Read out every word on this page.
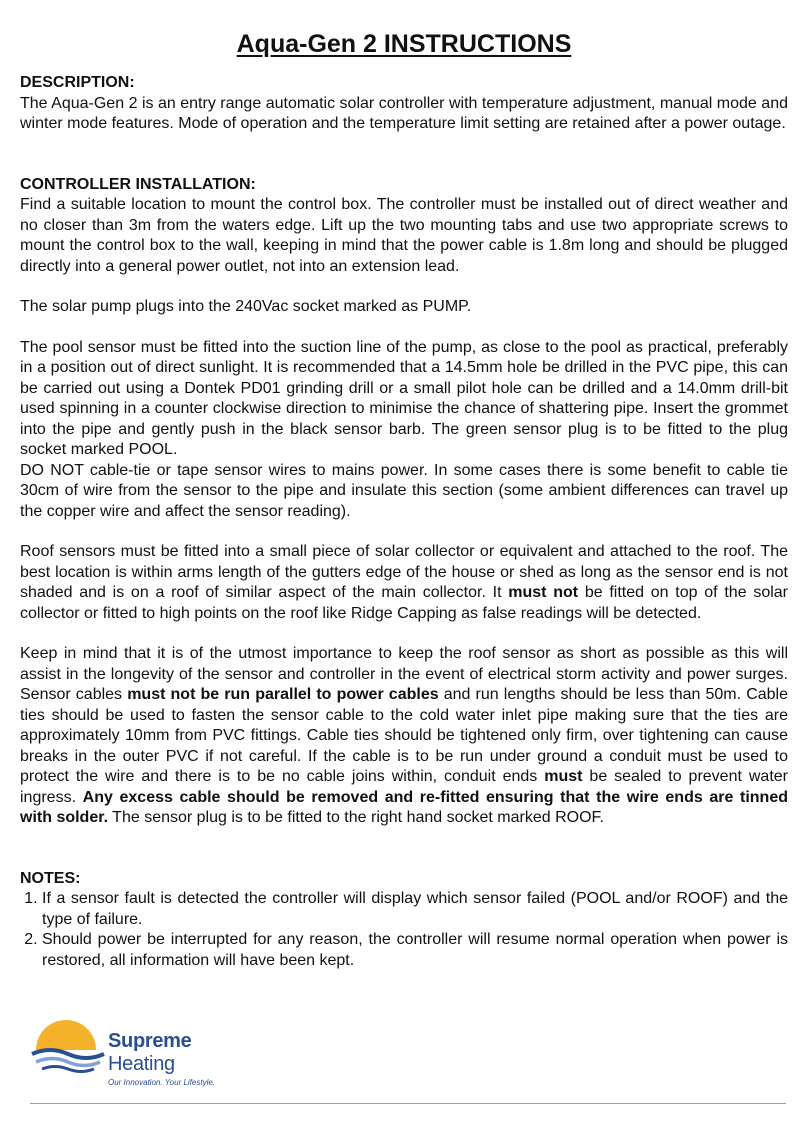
Aqua-Gen 2 INSTRUCTIONS
DESCRIPTION:

The Aqua-Gen 2 is an entry range automatic solar controller with temperature adjustment, manual mode and winter mode features. Mode of operation and the temperature limit setting are retained after a power outage.

CONTROLLER INSTALLATION:

Find a suitable location to mount the control box. The controller must be installed out of direct weather and no closer than 3m from the waters edge. Lift up the two mounting tabs and use two appropriate screws to mount the control box to the wall, keeping in mind that the power cable is 1.8m long and should be plugged directly into a general power outlet, not into an extension lead.

The solar pump plugs into the 240Vac socket marked as PUMP.

The pool sensor must be fitted into the suction line of the pump, as close to the pool as practical, preferably in a position out of direct sunlight. It is recommended that a 14.5mm hole be drilled in the PVC pipe, this can be carried out using a Dontek PD01 grinding drill or a small pilot hole can be drilled and a 14.0mm drill-bit used spinning in a counter clockwise direction to minimise the chance of shattering pipe. Insert the grommet into the pipe and gently push in the black sensor barb. The green sensor plug is to be fitted to the plug socket marked POOL.

DO NOT cable-tie or tape sensor wires to mains power. In some cases there is some benefit to cable tie 30cm of wire from the sensor to the pipe and insulate this section (some ambient differences can travel up the copper wire and affect the sensor reading).

Roof sensors must be fitted into a small piece of solar collector or equivalent and attached to the roof. The best location is within arms length of the gutters edge of the house or shed as long as the sensor end is not shaded and is on a roof of similar aspect of the main collector. It must not be fitted on top of the solar collector or fitted to high points on the roof like Ridge Capping as false readings will be detected.

Keep in mind that it is of the utmost importance to keep the roof sensor as short as possible as this will assist in the longevity of the sensor and controller in the event of electrical storm activity and power surges. Sensor cables must not be run parallel to power cables and run lengths should be less than 50m. Cable ties should be used to fasten the sensor cable to the cold water inlet pipe making sure that the ties are approximately 10mm from PVC fittings. Cable ties should be tightened only firm, over tightening can cause breaks in the outer PVC if not careful. If the cable is to be run under ground a conduit must be used to protect the wire and there is to be no cable joins within, conduit ends must be sealed to prevent water ingress. Any excess cable should be removed and re-fitted ensuring that the wire ends are tinned with solder. The sensor plug is to be fitted to the right hand socket marked ROOF.

NOTES:
1. If a sensor fault is detected the controller will display which sensor failed (POOL and/or ROOF) and the type of failure.
2. Should power be interrupted for any reason, the controller will resume normal operation when power is restored, all information will have been kept.
Supreme
Heating
Our Innovation. Your Lifestyle.
